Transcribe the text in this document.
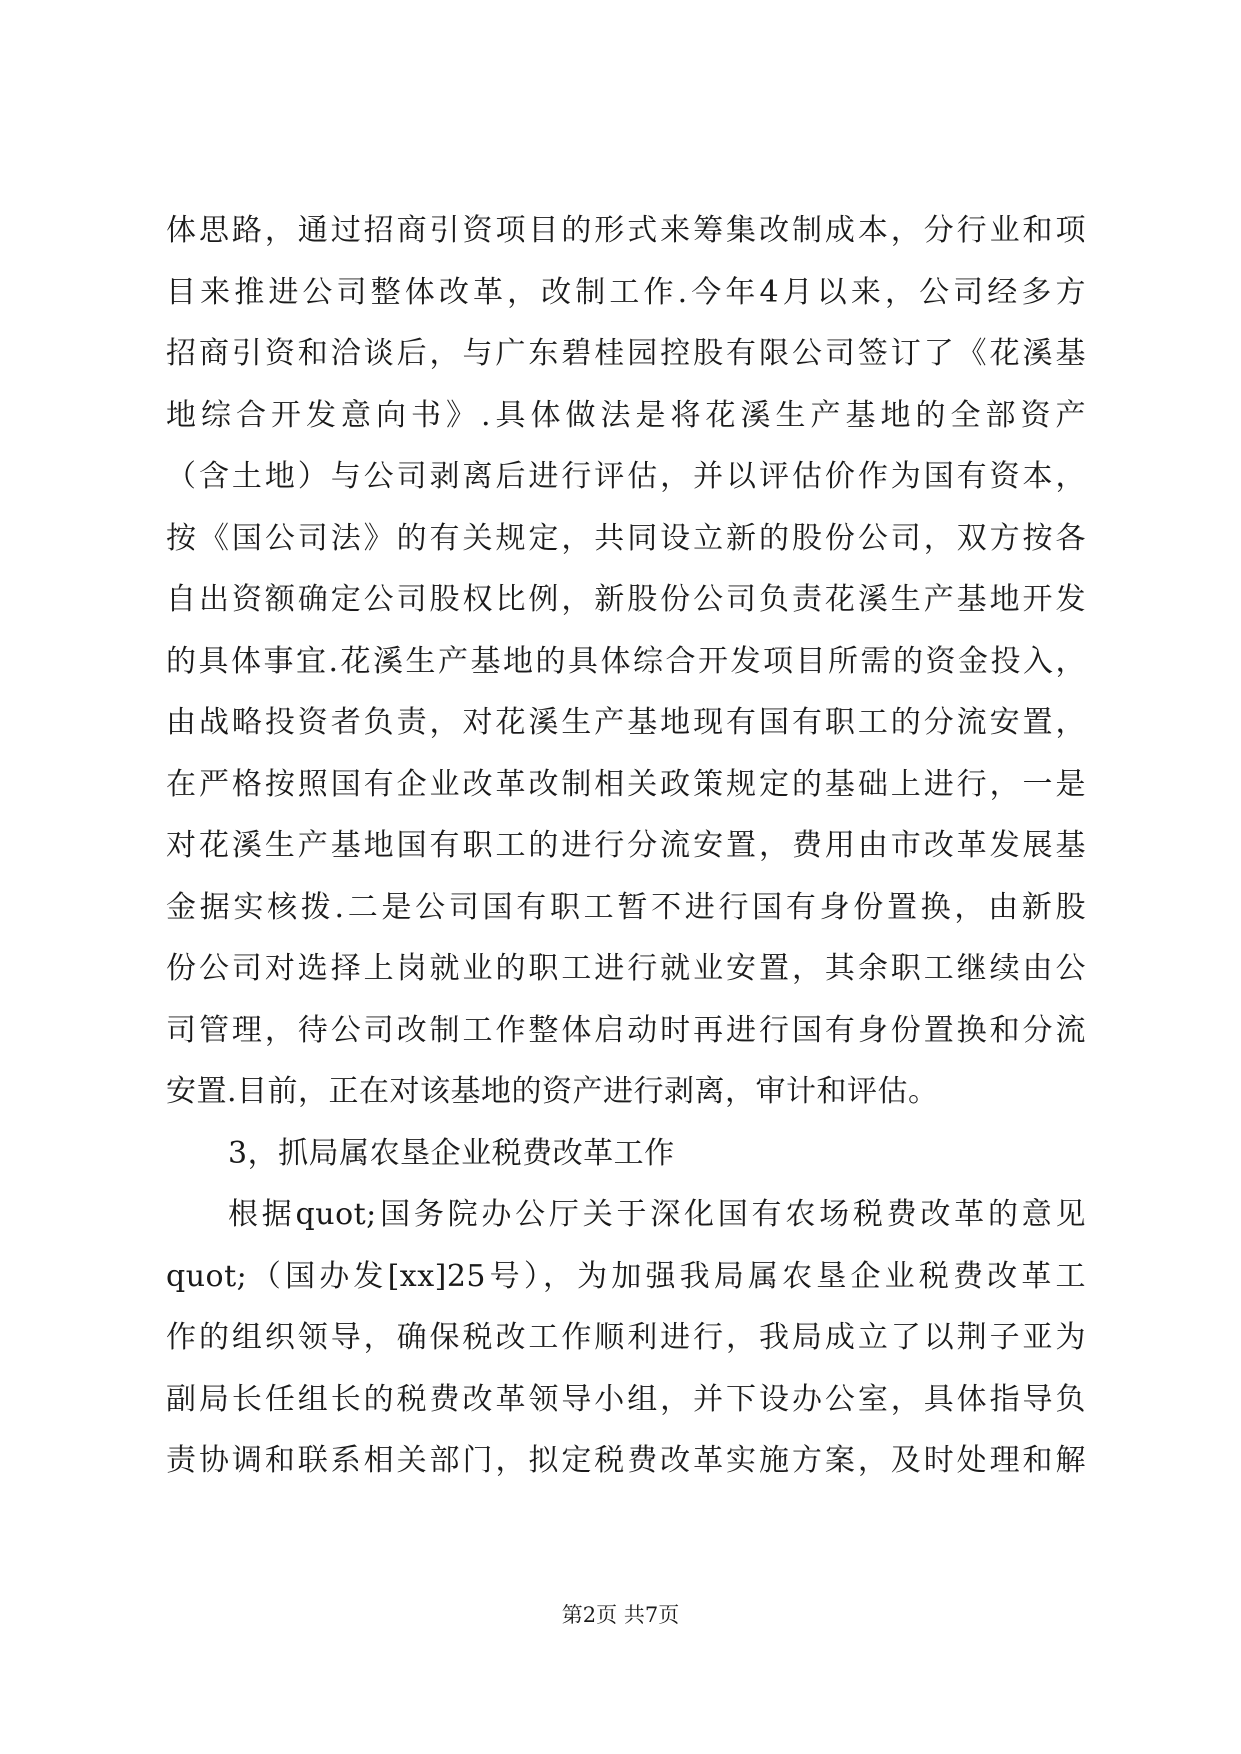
体思路，通过招商引资项目的形式来筹集改制成本，分行业和项
目来推进公司整体改革，改制工作.今年4月以来，公司经多方
招商引资和洽谈后，与广东碧桂园控股有限公司签订了《花溪基
地综合开发意向书》.具体做法是将花溪生产基地的全部资产
（含土地）与公司剥离后进行评估，并以评估价作为国有资本，
按《国公司法》的有关规定，共同设立新的股份公司，双方按各
自出资额确定公司股权比例，新股份公司负责花溪生产基地开发
的具体事宜.花溪生产基地的具体综合开发项目所需的资金投入，
由战略投资者负责，对花溪生产基地现有国有职工的分流安置，
在严格按照国有企业改革改制相关政策规定的基础上进行，一是
对花溪生产基地国有职工的进行分流安置，费用由市改革发展基
金据实核拨.二是公司国有职工暂不进行国有身份置换，由新股
份公司对选择上岗就业的职工进行就业安置，其余职工继续由公
司管理，待公司改制工作整体启动时再进行国有身份置换和分流
安置.目前，正在对该基地的资产进行剥离，审计和评估。
3，抓局属农垦企业税费改革工作
根据quot;国务院办公厅关于深化国有农场税费改革的意见
quot;（国办发[xx]25号），为加强我局属农垦企业税费改革工
作的组织领导，确保税改工作顺利进行，我局成立了以荆子亚为
副局长任组长的税费改革领导小组，并下设办公室，具体指导负
责协调和联系相关部门，拟定税费改革实施方案，及时处理和解
第2页 共7页
